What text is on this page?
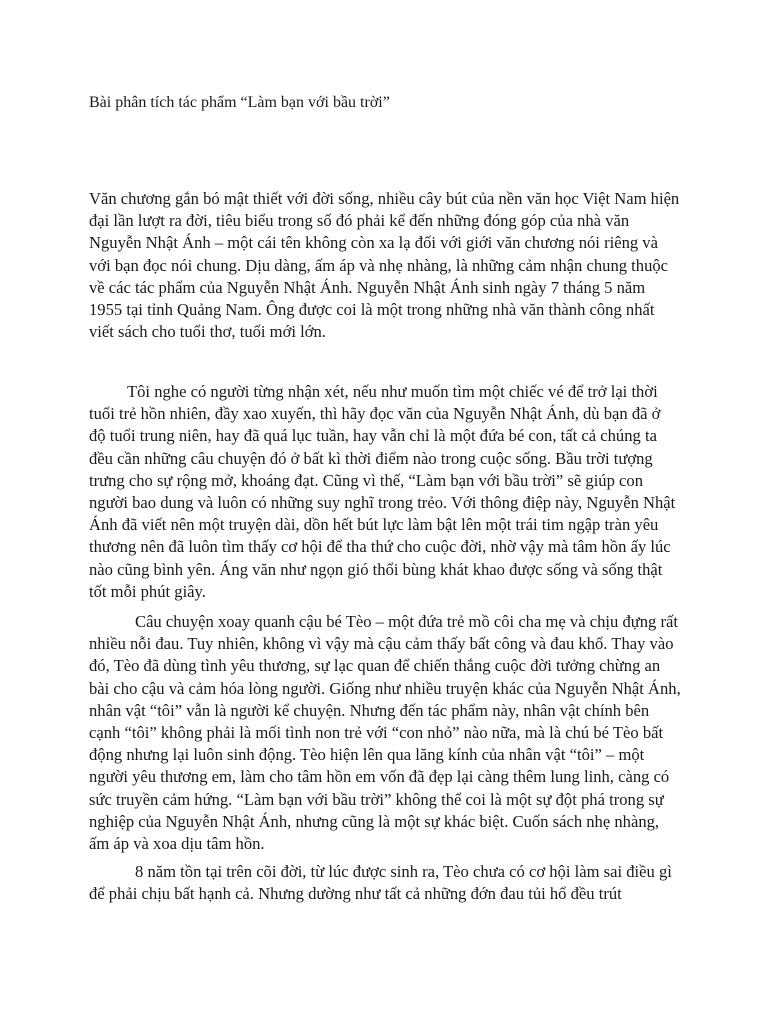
Bài phân tích tác phẩm “Làm bạn với bầu trời”

Văn chương gắn bó mật thiết với đời sống, nhiều cây bút của nền văn học Việt Nam hiện đại lần lượt ra đời, tiêu biểu trong số đó phải kể đến những đóng góp của nhà văn Nguyễn Nhật Ánh – một cái tên không còn xa lạ đối với giới văn chương nói riêng và với bạn đọc nói chung. Dịu dàng, ấm áp và nhẹ nhàng, là những cảm nhận chung thuộc về các tác phẩm của Nguyễn Nhật Ánh. Nguyễn Nhật Ánh sinh ngày 7 tháng 5 năm 1955 tại tỉnh Quảng Nam. Ông được coi là một trong những nhà văn thành công nhất viết sách cho tuổi thơ, tuổi mới lớn.

Tôi nghe có người từng nhận xét, nếu như muốn tìm một chiếc vé để trở lại thời tuổi trẻ hồn nhiên, đầy xao xuyến, thì hãy đọc văn của Nguyễn Nhật Ánh, dù bạn đã ở độ tuổi trung niên, hay đã quá lục tuần, hay vẫn chỉ là một đứa bé con, tất cả chúng ta đều cần những câu chuyện đó ở bất kì thời điểm nào trong cuộc sống. Bầu trời tượng trưng cho sự rộng mở, khoáng đạt. Cũng vì thế, “Làm bạn với bầu trời” sẽ giúp con người bao dung và luôn có những suy nghĩ trong trẻo. Với thông điệp này, Nguyễn Nhật Ánh đã viết nên một truyện dài, dồn hết bút lực làm bật lên một trái tim ngập tràn yêu thương nên đã luôn tìm thấy cơ hội để tha thứ cho cuộc đời, nhờ vậy mà tâm hồn ấy lúc nào cũng bình yên. Áng văn như ngọn gió thổi bùng khát khao được sống và sống thật tốt mỗi phút giây.

Câu chuyện xoay quanh cậu bé Tèo – một đứa trẻ mồ côi cha mẹ và chịu đựng rất nhiều nỗi đau. Tuy nhiên, không vì vậy mà cậu cảm thấy bất công và đau khổ. Thay vào đó, Tèo đã dùng tình yêu thương, sự lạc quan để chiến thắng cuộc đời tưởng chừng an bài cho cậu và cảm hóa lòng người. Giống như nhiều truyện khác của Nguyễn Nhật Ánh, nhân vật “tôi” vẫn là người kể chuyện. Nhưng đến tác phẩm này, nhân vật chính bên cạnh “tôi” không phải là mối tình non trẻ với “con nhỏ” nào nữa, mà là chú bé Tèo bất động nhưng lại luôn sinh động. Tèo hiện lên qua lăng kính của nhân vật “tôi” – một người yêu thương em, làm cho tâm hồn em vốn đã đẹp lại càng thêm lung linh, càng có sức truyền cảm hứng. “Làm bạn với bầu trời” không thể coi là một sự đột phá trong sự nghiệp của Nguyễn Nhật Ánh, nhưng cũng là một sự khác biệt. Cuốn sách nhẹ nhàng, ấm áp và xoa dịu tâm hồn.

8 năm tồn tại trên cõi đời, từ lúc được sinh ra, Tèo chưa có cơ hội làm sai điều gì để phải chịu bất hạnh cả. Nhưng dường như tất cả những đớn đau tủi hổ đều trút
